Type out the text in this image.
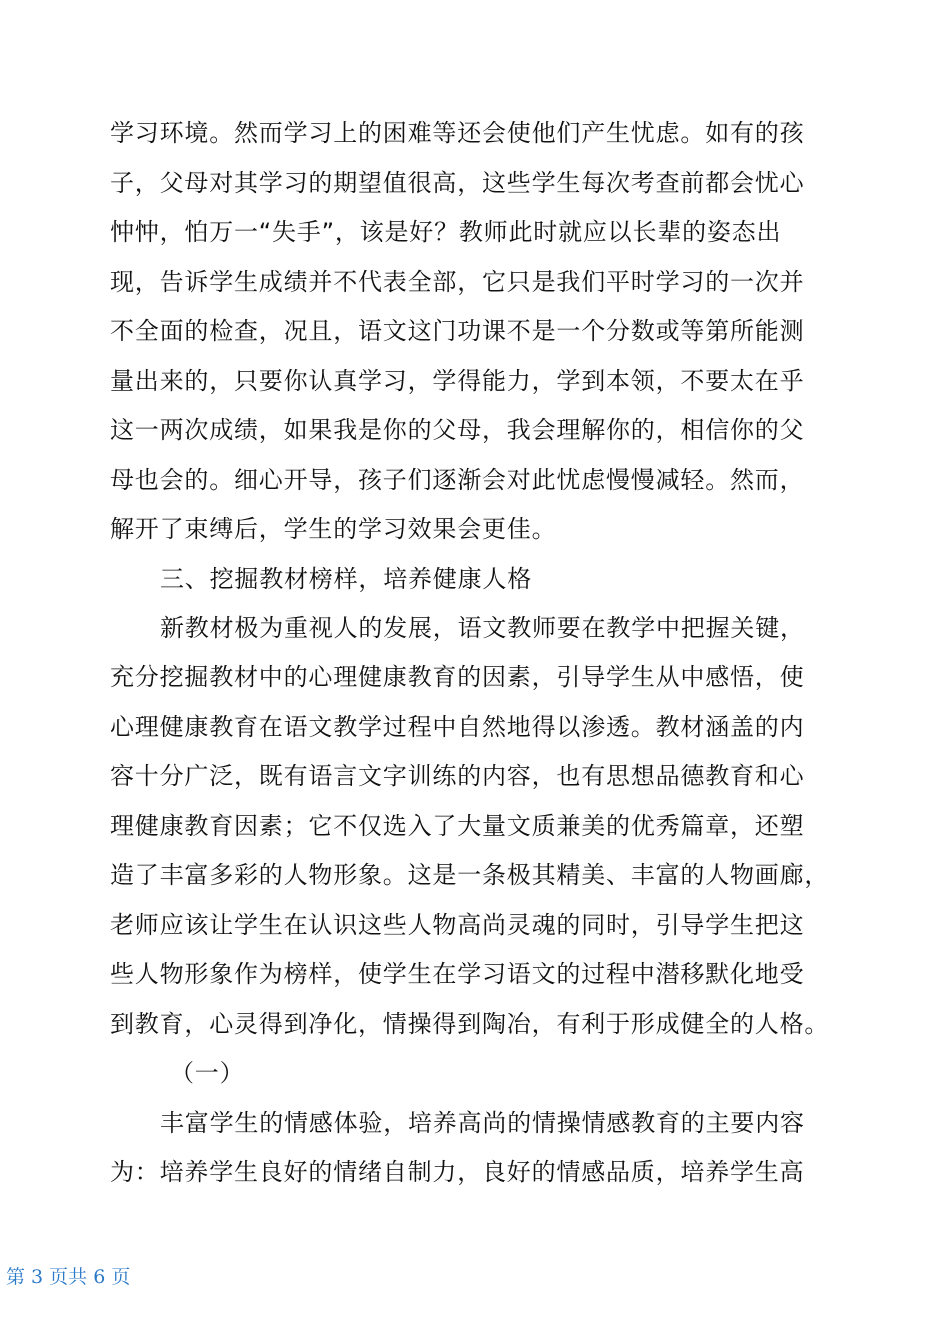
学习环境。然而学习上的困难等还会使他们产生忧虑。如有的孩
子，父母对其学习的期望值很高，这些学生每次考查前都会忧心
忡忡，怕万一“失手”，该是好？教师此时就应以长辈的姿态出
现，告诉学生成绩并不代表全部，它只是我们平时学习的一次并
不全面的检查，况且，语文这门功课不是一个分数或等第所能测
量出来的，只要你认真学习，学得能力，学到本领，不要太在乎
这一两次成绩，如果我是你的父母，我会理解你的，相信你的父
母也会的。细心开导，孩子们逐渐会对此忧虑慢慢减轻。然而，
解开了束缚后，学生的学习效果会更佳。
三、挖掘教材榜样，培养健康人格
新教材极为重视人的发展，语文教师要在教学中把握关键，
充分挖掘教材中的心理健康教育的因素，引导学生从中感悟，使
心理健康教育在语文教学过程中自然地得以渗透。教材涵盖的内
容十分广泛，既有语言文字训练的内容，也有思想品德教育和心
理健康教育因素；它不仅选入了大量文质兼美的优秀篇章，还塑
造了丰富多彩的人物形象。这是一条极其精美、丰富的人物画廊，
老师应该让学生在认识这些人物高尚灵魂的同时，引导学生把这
些人物形象作为榜样，使学生在学习语文的过程中潜移默化地受
到教育，心灵得到净化，情操得到陶冶，有利于形成健全的人格。
（一）
丰富学生的情感体验，培养高尚的情操情感教育的主要内容
为：培养学生良好的情绪自制力，良好的情感品质，培养学生高
第 3 页共 6 页
